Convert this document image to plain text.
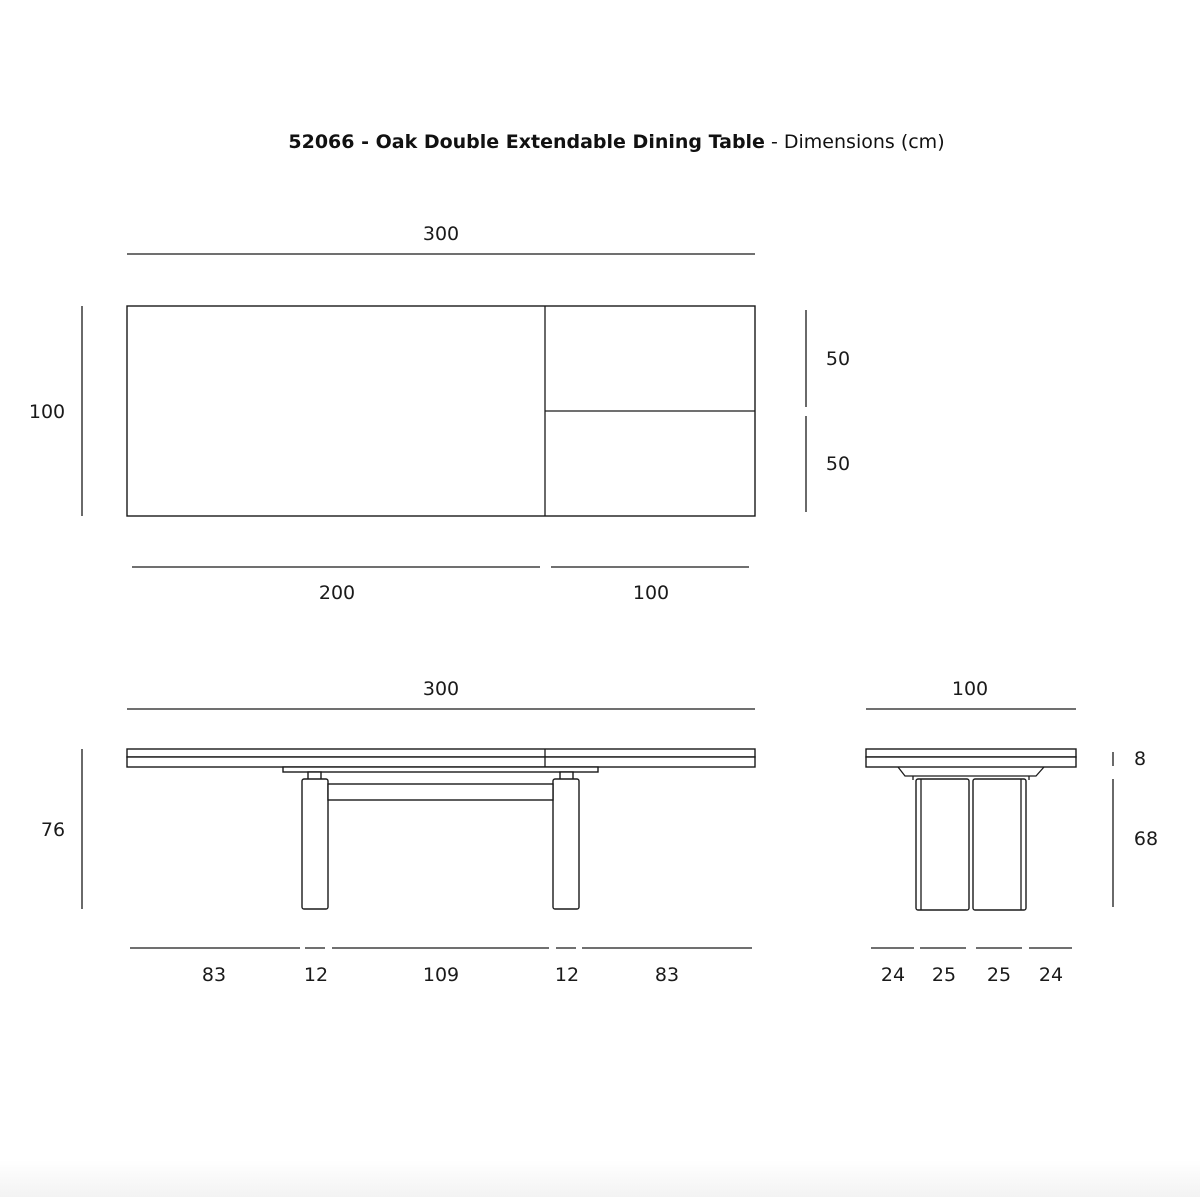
52066 - Oak Double Extendable Dining Table - Dimensions (cm)
300
100
50
50
200	100
300
76
83	12	109	12	83
100
8
68
24 25 25 24
